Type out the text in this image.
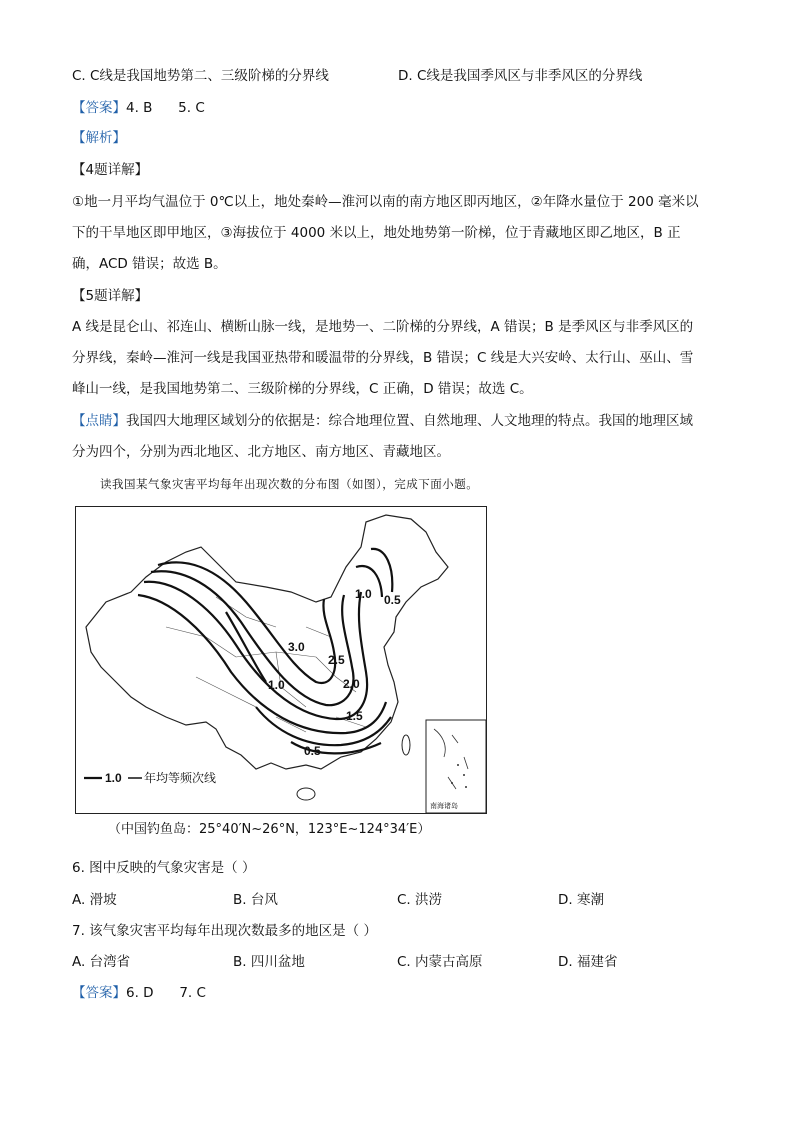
C. C线是我国地势第二、三级阶梯的分界线	D. C线是我国季风区与非季风区的分界线
【答案】4. B      5. C
【解析】
【4题详解】
①地一月平均气温位于 0℃以上，地处秦岭—淮河以南的南方地区即丙地区，②年降水量位于 200 毫米以
下的干旱地区即甲地区，③海拔位于 4000 米以上，地处地势第一阶梯，位于青藏地区即乙地区，B 正
确，ACD 错误；故选 B。
【5题详解】
A 线是昆仑山、祁连山、横断山脉一线，是地势一、二阶梯的分界线，A 错误；B 是季风区与非季风区的
分界线，秦岭—淮河一线是我国亚热带和暖温带的分界线，B 错误；C 线是大兴安岭、太行山、巫山、雪
峰山一线，是我国地势第二、三级阶梯的分界线，C 正确，D 错误；故选 C。
【点睛】我国四大地理区域划分的依据是：综合地理位置、自然地理、人文地理的特点。我国的地理区域
分为四个，分别为西北地区、北方地区、南方地区、青藏地区。
读我国某气象灾害平均每年出现次数的分布图（如图），完成下面小题。
3.0
2.5
2.0
1.5
1.0
0.5
1.0 0.5
1.0 年均等频次线
南海诸岛
（中国钓鱼岛：25°40′N~26°N，123°E~124°34′E）
6. 图中反映的气象灾害是（ ）
A. 滑坡	B. 台风	C. 洪涝	D. 寒潮
7. 该气象灾害平均每年出现次数最多的地区是（ ）
A. 台湾省	B. 四川盆地	C. 内蒙古高原	D. 福建省
【答案】6. D      7. C
